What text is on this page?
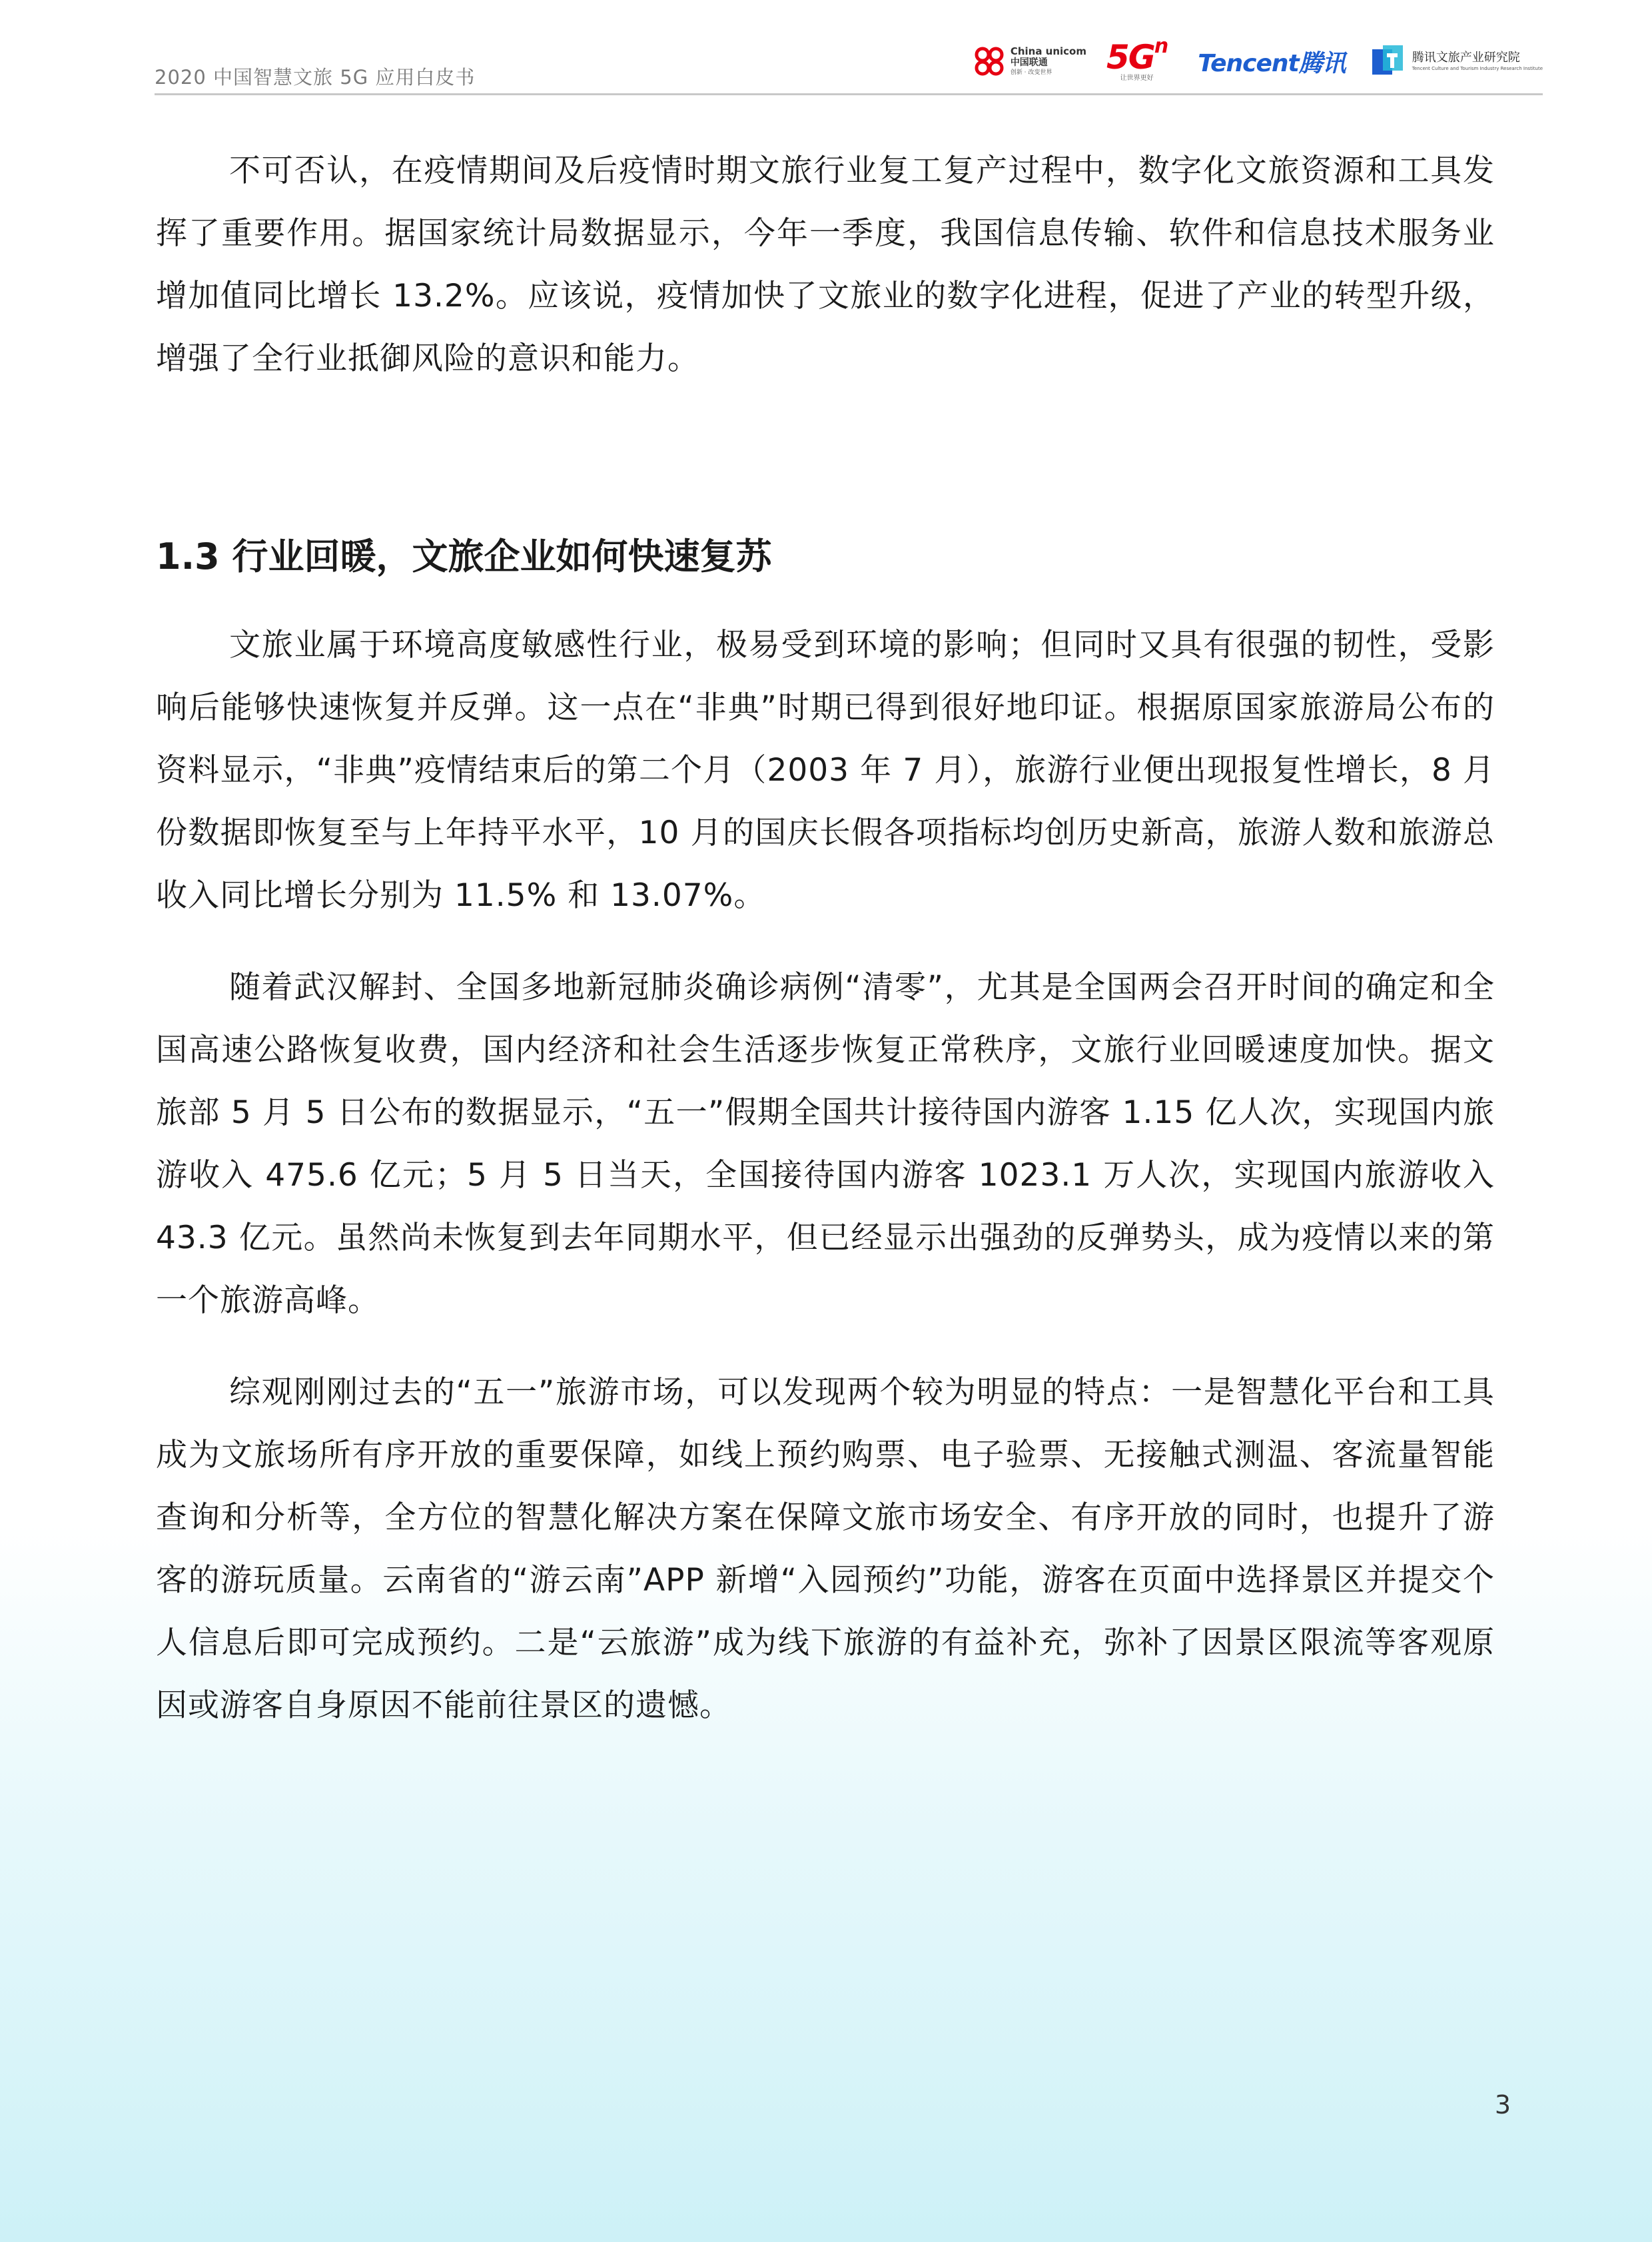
2020 中国智慧文旅 5G 应用白皮书
China unicom
中国联通
创新 · 改变世界	$5G^n$
让世界更好
Tencent腾讯	腾讯文旅产业研究院
Tencent Culture and Tourism Industry Research Institute

不可否认，在疫情期间及后疫情时期文旅行业复工复产过程中，数字化文旅资源和工具发挥了重要作用。据国家统计局数据显示，今年一季度，我国信息传输、软件和信息技术服务业增加值同比增长 13.2%。应该说，疫情加快了文旅业的数字化进程，促进了产业的转型升级，增强了全行业抵御风险的意识和能力。

1.3 行业回暖，文旅企业如何快速复苏

文旅业属于环境高度敏感性行业，极易受到环境的影响；但同时又具有很强的韧性，受影响后能够快速恢复并反弹。这一点在“非典”时期已得到很好地印证。根据原国家旅游局公布的资料显示，“非典”疫情结束后的第二个月（2003 年 7 月），旅游行业便出现报复性增长，8 月份数据即恢复至与上年持平水平，10 月的国庆长假各项指标均创历史新高，旅游人数和旅游总收入同比增长分别为 11.5% 和 13.07%。

随着武汉解封、全国多地新冠肺炎确诊病例“清零”，尤其是全国两会召开时间的确定和全国高速公路恢复收费，国内经济和社会生活逐步恢复正常秩序，文旅行业回暖速度加快。据文旅部 5 月 5 日公布的数据显示，“五一”假期全国共计接待国内游客 1.15 亿人次，实现国内旅游收入 475.6 亿元；5 月 5 日当天，全国接待国内游客 1023.1 万人次，实现国内旅游收入 43.3 亿元。虽然尚未恢复到去年同期水平，但已经显示出强劲的反弹势头，成为疫情以来的第一个旅游高峰。

综观刚刚过去的“五一”旅游市场，可以发现两个较为明显的特点：一是智慧化平台和工具成为文旅场所有序开放的重要保障，如线上预约购票、电子验票、无接触式测温、客流量智能查询和分析等，全方位的智慧化解决方案在保障文旅市场安全、有序开放的同时，也提升了游客的游玩质量。云南省的“游云南”APP 新增“入园预约”功能，游客在页面中选择景区并提交个人信息后即可完成预约。二是“云旅游”成为线下旅游的有益补充，弥补了因景区限流等客观原因或游客自身原因不能前往景区的遗憾。

3
